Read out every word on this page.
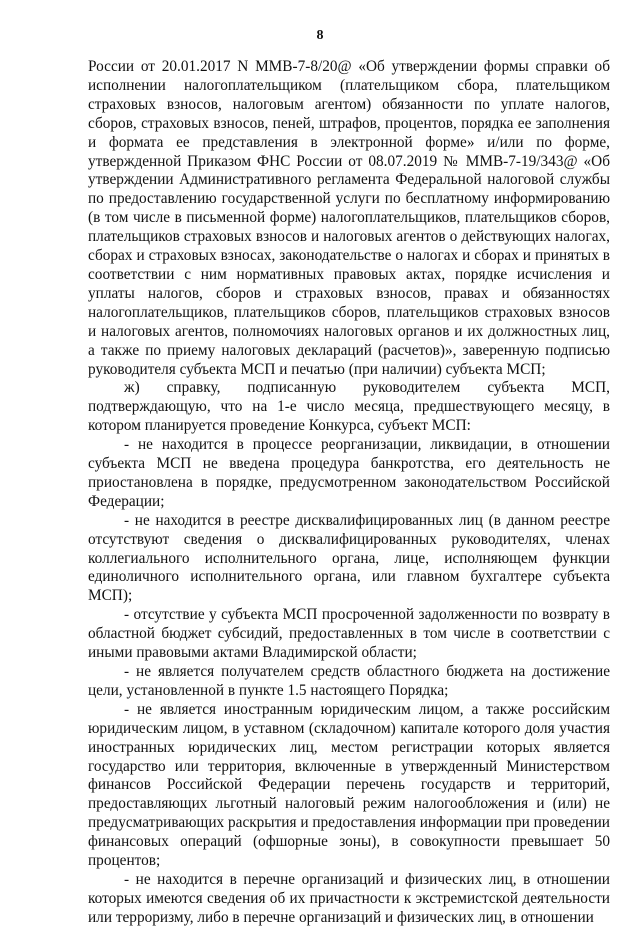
8

России от 20.01.2017 N ММВ-7-8/20@ «Об утверждении формы справки об исполнении налогоплательщиком (плательщиком сбора, плательщиком страховых взносов, налоговым агентом) обязанности по уплате налогов, сборов, страховых взносов, пеней, штрафов, процентов, порядка ее заполнения и формата ее представления в электронной форме» и/или по форме, утвержденной Приказом ФНС России от 08.07.2019 № ММВ-7-19/343@ «Об утверждении Административного регламента Федеральной налоговой службы по предоставлению государственной услуги по бесплатному информированию (в том числе в письменной форме) налогоплательщиков, плательщиков сборов, плательщиков страховых взносов и налоговых агентов о действующих налогах, сборах и страховых взносах, законодательстве о налогах и сборах и принятых в соответствии с ним нормативных правовых актах, порядке исчисления и уплаты налогов, сборов и страховых взносов, правах и обязанностях налогоплательщиков, плательщиков сборов, плательщиков страховых взносов и налоговых агентов, полномочиях налоговых органов и их должностных лиц, а также по приему налоговых деклараций (расчетов)», заверенную подписью руководителя субъекта МСП и печатью (при наличии) субъекта МСП;

ж) справку, подписанную руководителем субъекта МСП, подтверждающую, что на 1-е число месяца, предшествующего месяцу, в котором планируется проведение Конкурса, субъект МСП:

- не находится в процессе реорганизации, ликвидации, в отношении субъекта МСП не введена процедура банкротства, его деятельность не приостановлена в порядке, предусмотренном законодательством Российской Федерации;

- не находится в реестре дисквалифицированных лиц (в данном реестре отсутствуют сведения о дисквалифицированных руководителях, членах коллегиального исполнительного органа, лице, исполняющем функции единоличного исполнительного органа, или главном бухгалтере субъекта МСП);

- отсутствие у субъекта МСП просроченной задолженности по возврату в областной бюджет субсидий, предоставленных в том числе в соответствии с иными правовыми актами Владимирской области;

- не является получателем средств областного бюджета на достижение цели, установленной в пункте 1.5 настоящего Порядка;

- не является иностранным юридическим лицом, а также российским юридическим лицом, в уставном (складочном) капитале которого доля участия иностранных юридических лиц, местом регистрации которых является государство или территория, включенные в утвержденный Министерством финансов Российской Федерации перечень государств и территорий, предоставляющих льготный налоговый режим налогообложения и (или) не предусматривающих раскрытия и предоставления информации при проведении финансовых операций (офшорные зоны), в совокупности превышает 50 процентов;

- не находится в перечне организаций и физических лиц, в отношении которых имеются сведения об их причастности к экстремистской деятельности или терроризму, либо в перечне организаций и физических лиц, в отношении
